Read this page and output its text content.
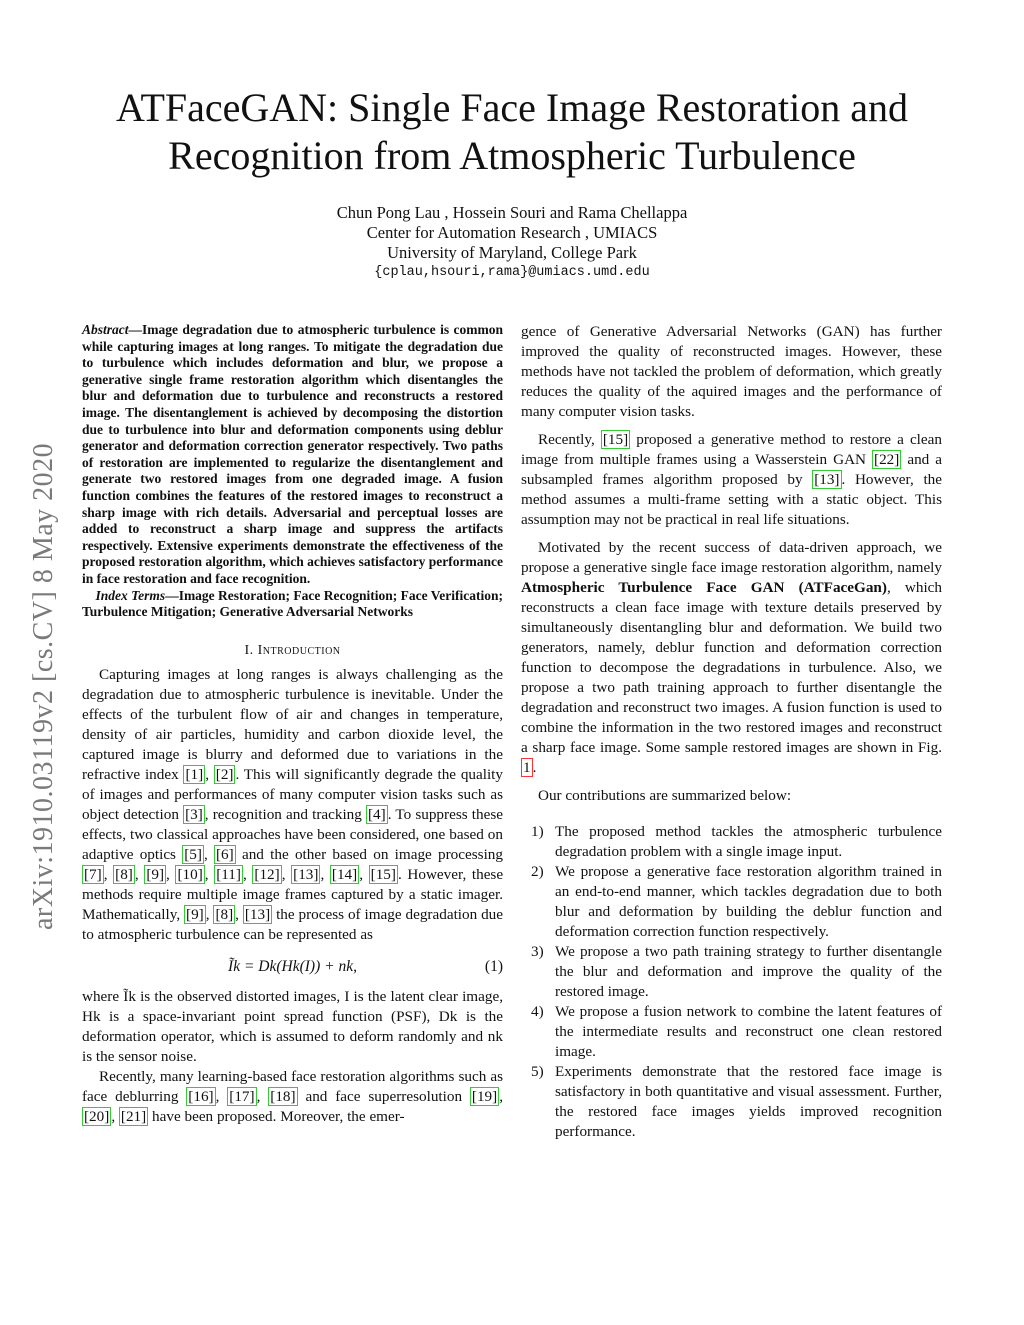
ATFaceGAN: Single Face Image Restoration and
Recognition from Atmospheric Turbulence
Chun Pong Lau , Hossein Souri and Rama Chellappa
Center for Automation Research , UMIACS
University of Maryland, College Park
{cplau,hsouri,rama}@umiacs.umd.edu
arXiv:1910.03119v2 [cs.CV] 8 May 2020

Abstract—Image degradation due to atmospheric turbulence is common while capturing images at long ranges. To mitigate the degradation due to turbulence which includes deformation and blur, we propose a generative single frame restoration algorithm which disentangles the blur and deformation due to turbulence and reconstructs a restored image. The disentanglement is achieved by decomposing the distortion due to turbulence into blur and deformation components using deblur generator and deformation correction generator respectively. Two paths of restoration are implemented to regularize the disentanglement and generate two restored images from one degraded image. A fusion function combines the features of the restored images to reconstruct a sharp image with rich details. Adversarial and perceptual losses are added to reconstruct a sharp image and suppress the artifacts respectively. Extensive experiments demonstrate the effectiveness of the proposed restoration algorithm, which achieves satisfactory performance in face restoration and face recognition.

Index Terms—Image Restoration; Face Recognition; Face Verification; Turbulence Mitigation; Generative Adversarial Networks

I. Introduction

Capturing images at long ranges is always challenging as the degradation due to atmospheric turbulence is inevitable. Under the effects of the turbulent flow of air and changes in temperature, density of air particles, humidity and carbon dioxide level, the captured image is blurry and deformed due to variations in the refractive index [1] , [2] . This will significantly degrade the quality of images and performances of many computer vision tasks such as object detection [3] , recognition and tracking [4] . To suppress these effects, two classical approaches have been considered, one based on adaptive optics [5] , [6] and the other based on image processing [7] , [8] , [9] , [10] , [11] , [12] , [13] , [14] , [15] . However, these methods require multiple image frames captured by a static imager. Mathematically, [9] , [8] , [13] the process of image degradation due to atmospheric turbulence can be represented as

Ĩk = Dk(Hk(I)) + nk,	(1)

where Ĩk is the observed distorted images, I is the latent clear image, Hk is a space-invariant point spread function (PSF), Dk is the deformation operator, which is assumed to deform randomly and nk is the sensor noise.

Recently, many learning-based face restoration algorithms such as face deblurring [16] , [17] , [18] and face superresolution [19] , [20] , [21] have been proposed. Moreover, the emer-

gence of Generative Adversarial Networks (GAN) has further improved the quality of reconstructed images. However, these methods have not tackled the problem of deformation, which greatly reduces the quality of the aquired images and the performance of many computer vision tasks.

Recently, [15] proposed a generative method to restore a clean image from multiple frames using a Wasserstein GAN [22] and a subsampled frames algorithm proposed by [13] . However, the method assumes a multi-frame setting with a static object. This assumption may not be practical in real life situations.

Motivated by the recent success of data-driven approach, we propose a generative single face image restoration algorithm, namely Atmospheric Turbulence Face GAN (ATFaceGan), which reconstructs a clean face image with texture details preserved by simultaneously disentangling blur and deformation. We build two generators, namely, deblur function and deformation correction function to decompose the degradations in turbulence. Also, we propose a two path training approach to further disentangle the degradation and reconstruct two images. A fusion function is used to combine the information in the two restored images and reconstruct a sharp face image. Some sample restored images are shown in Fig. 1 .

Our contributions are summarized below:

1) The proposed method tackles the atmospheric turbulence degradation problem with a single image input.
2) We propose a generative face restoration algorithm trained in an end-to-end manner, which tackles degradation due to both blur and deformation by building the deblur function and deformation correction function respectively.
3) We propose a two path training strategy to further disentangle the blur and deformation and improve the quality of the restored image.
4) We propose a fusion network to combine the latent features of the intermediate results and reconstruct one clean restored image.
5) Experiments demonstrate that the restored face image is satisfactory in both quantitative and visual assessment. Further, the restored face images yields improved recognition performance.
